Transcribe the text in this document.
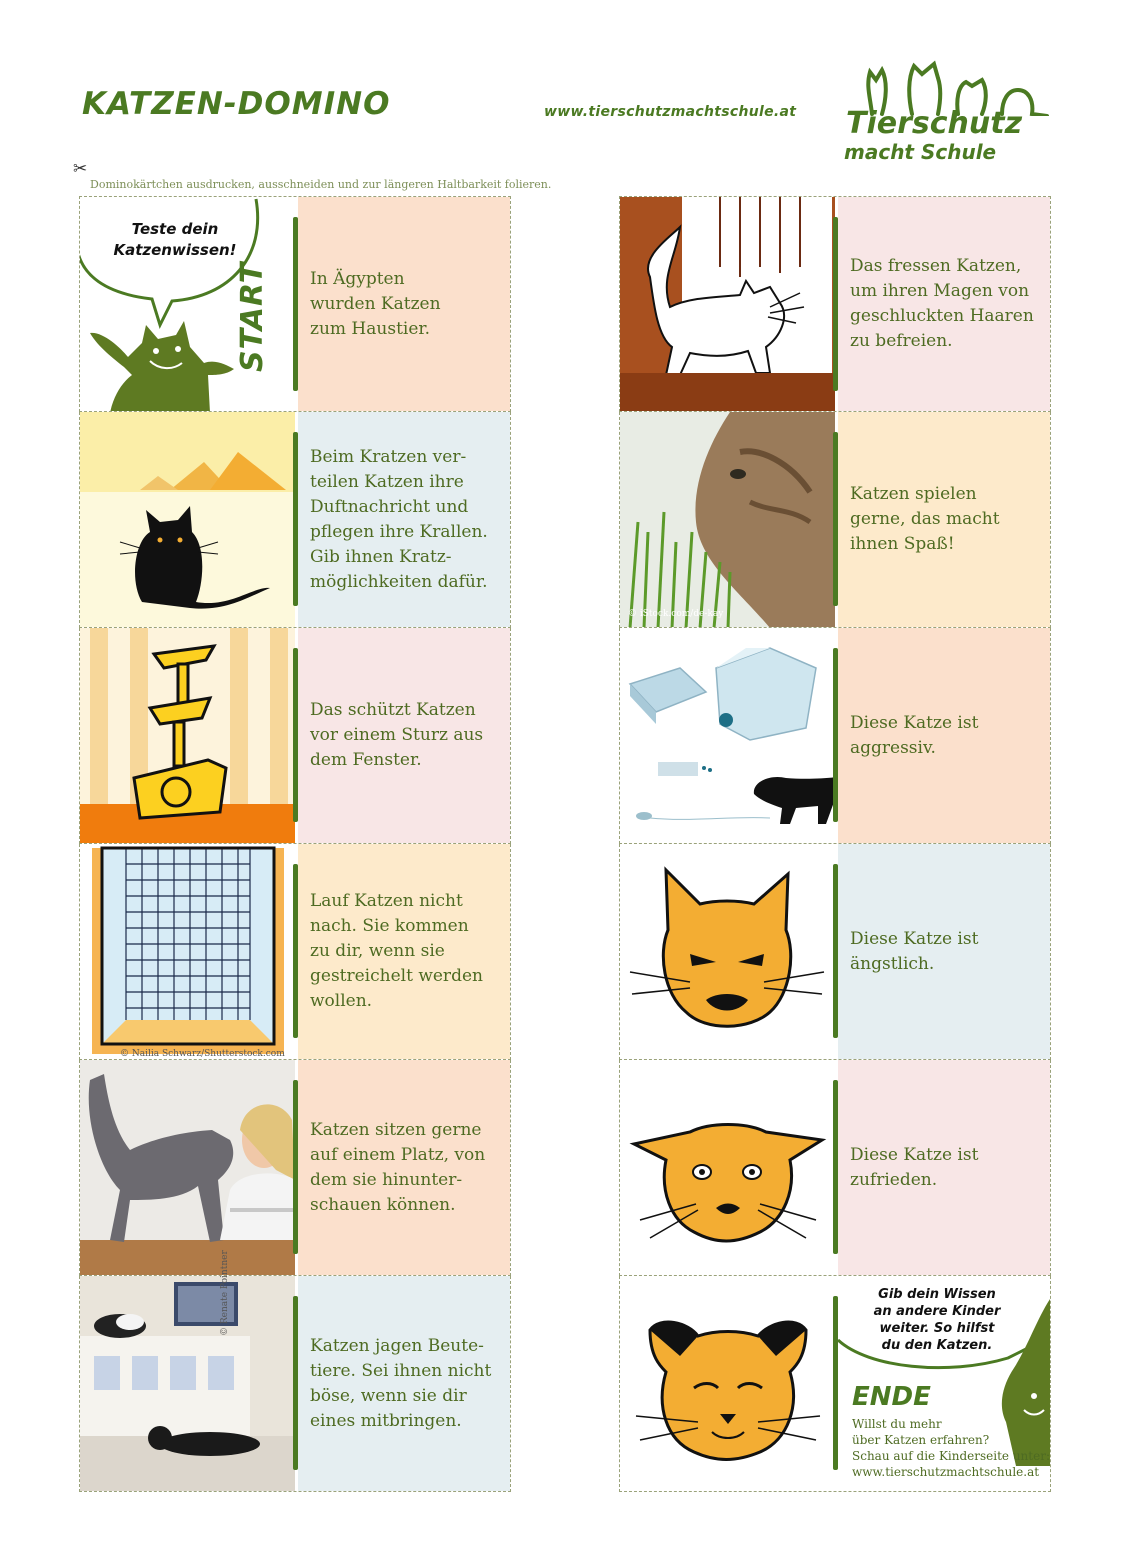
KATZEN-DOMINO	www.tierschutzmachtschule.at Tierschutz
macht Schule
✂
Dominokärtchen ausdrucken, ausschneiden und zur längeren Haltbarkeit folieren.
Teste dein Katzenwissen!
START In Ägypten
wurden Katzen
zum Haustier.
Beim Kratzen ver-
teilen Katzen ihre
Duftnachricht und
pflegen ihre Krallen.
Gib ihnen Kratz-
möglichkeiten dafür.
Das schützt Katzen
vor einem Sturz aus
dem Fenster.
Lauf Katzen nicht
nach. Sie kommen
zu dir, wenn sie
gestreichelt werden
wollen.
© Nailia Schwarz/Shutterstock.com
Katzen sitzen gerne
auf einem Platz, von
dem sie hinunter-
schauen können.
© Renate Pointner
Katzen jagen Beute-
tiere. Sei ihnen nicht
böse, wenn sie dir
eines mitbringen.
Das fressen Katzen,
um ihren Magen von
geschluckten Haaren
zu befreien.
© iStock.com/de-kay
Katzen spielen
gerne, das macht
ihnen Spaß!
Diese Katze ist
aggressiv.
Diese Katze ist
ängstlich.
Diese Katze ist
zufrieden.
Gib dein Wissen
an andere Kinder
weiter. So hilfst
du den Katzen.
ENDE
Willst du mehr
über Katzen erfahren?
Schau auf die Kinderseite unter:
www.tierschutzmachtschule.at
